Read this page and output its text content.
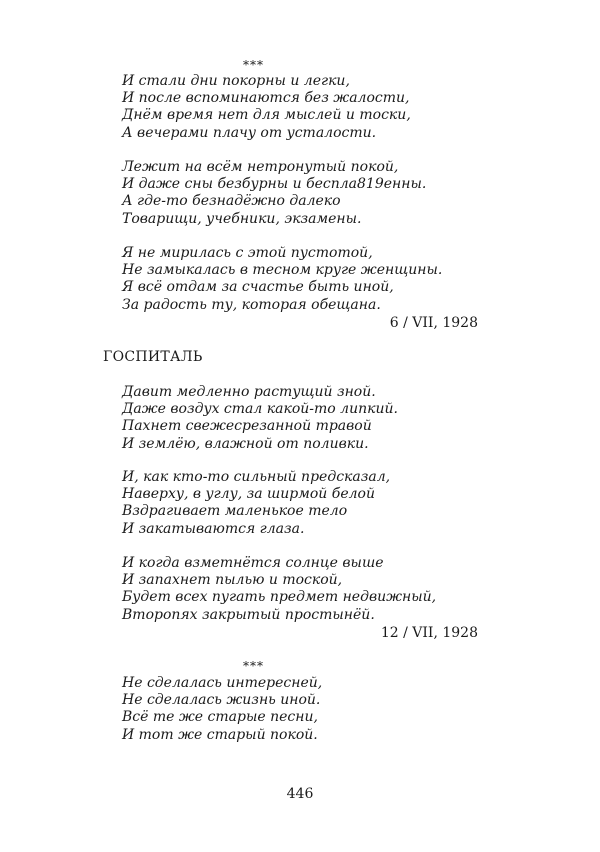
***
И стали дни покорны и легки,
И после вспоминаются без жалости,
Днём время нет для мыслей и тоски,
А вечерами плачу от усталости.
Лежит на всём нетронутый покой,
И даже сны безбурны и беспла819енны.
А где-то безнадёжно далеко
Товарищи, учебники, экзамены.
Я не мирилась с этой пустотой,
Не замыкалась в тесном круге женщины.
Я всё отдам за счастье быть иной,
За радость ту, которая обещана.
6 / VII, 1928
ГОСПИТАЛЬ
Давит медленно растущий зной.
Даже воздух стал какой-то липкий.
Пахнет свежесрезанной травой
И землёю, влажной от поливки.
И, как кто-то сильный предсказал,
Наверху, в углу, за ширмой белой
Вздрагивает маленькое тело
И закатываются глаза.
И когда взметнётся солнце выше
И запахнет пылью и тоской,
Будет всех пугать предмет недвижный,
Второпях закрытый простынёй.
12 / VII, 1928
***
Не сделалась интересней,
Не сделалась жизнь иной.
Всё те же старые песни,
И тот же старый покой.
446
